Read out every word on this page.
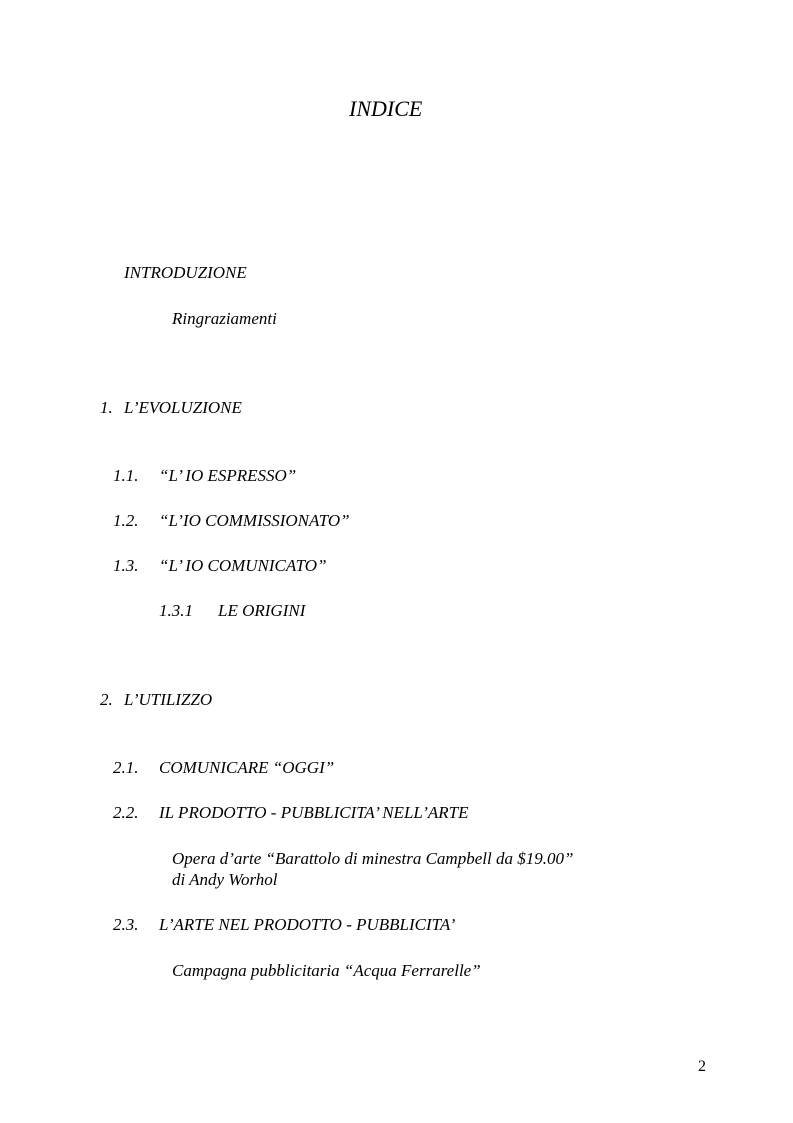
INDICE
INTRODUZIONE
Ringraziamenti
1. L’EVOLUZIONE
1.1. “L’ IO ESPRESSO”
1.2. “L’IO COMMISSIONATO”
1.3. “L’ IO COMUNICATO”
1.3.1 LE ORIGINI
2. L’UTILIZZO
2.1. COMUNICARE “OGGI”
2.2. IL PRODOTTO - PUBBLICITA’ NELL’ARTE
Opera d’arte “Barattolo di minestra Campbell da $19.00”
di Andy Worhol
2.3. L’ARTE NEL PRODOTTO - PUBBLICITA’
Campagna pubblicitaria “Acqua Ferrarelle”
2
